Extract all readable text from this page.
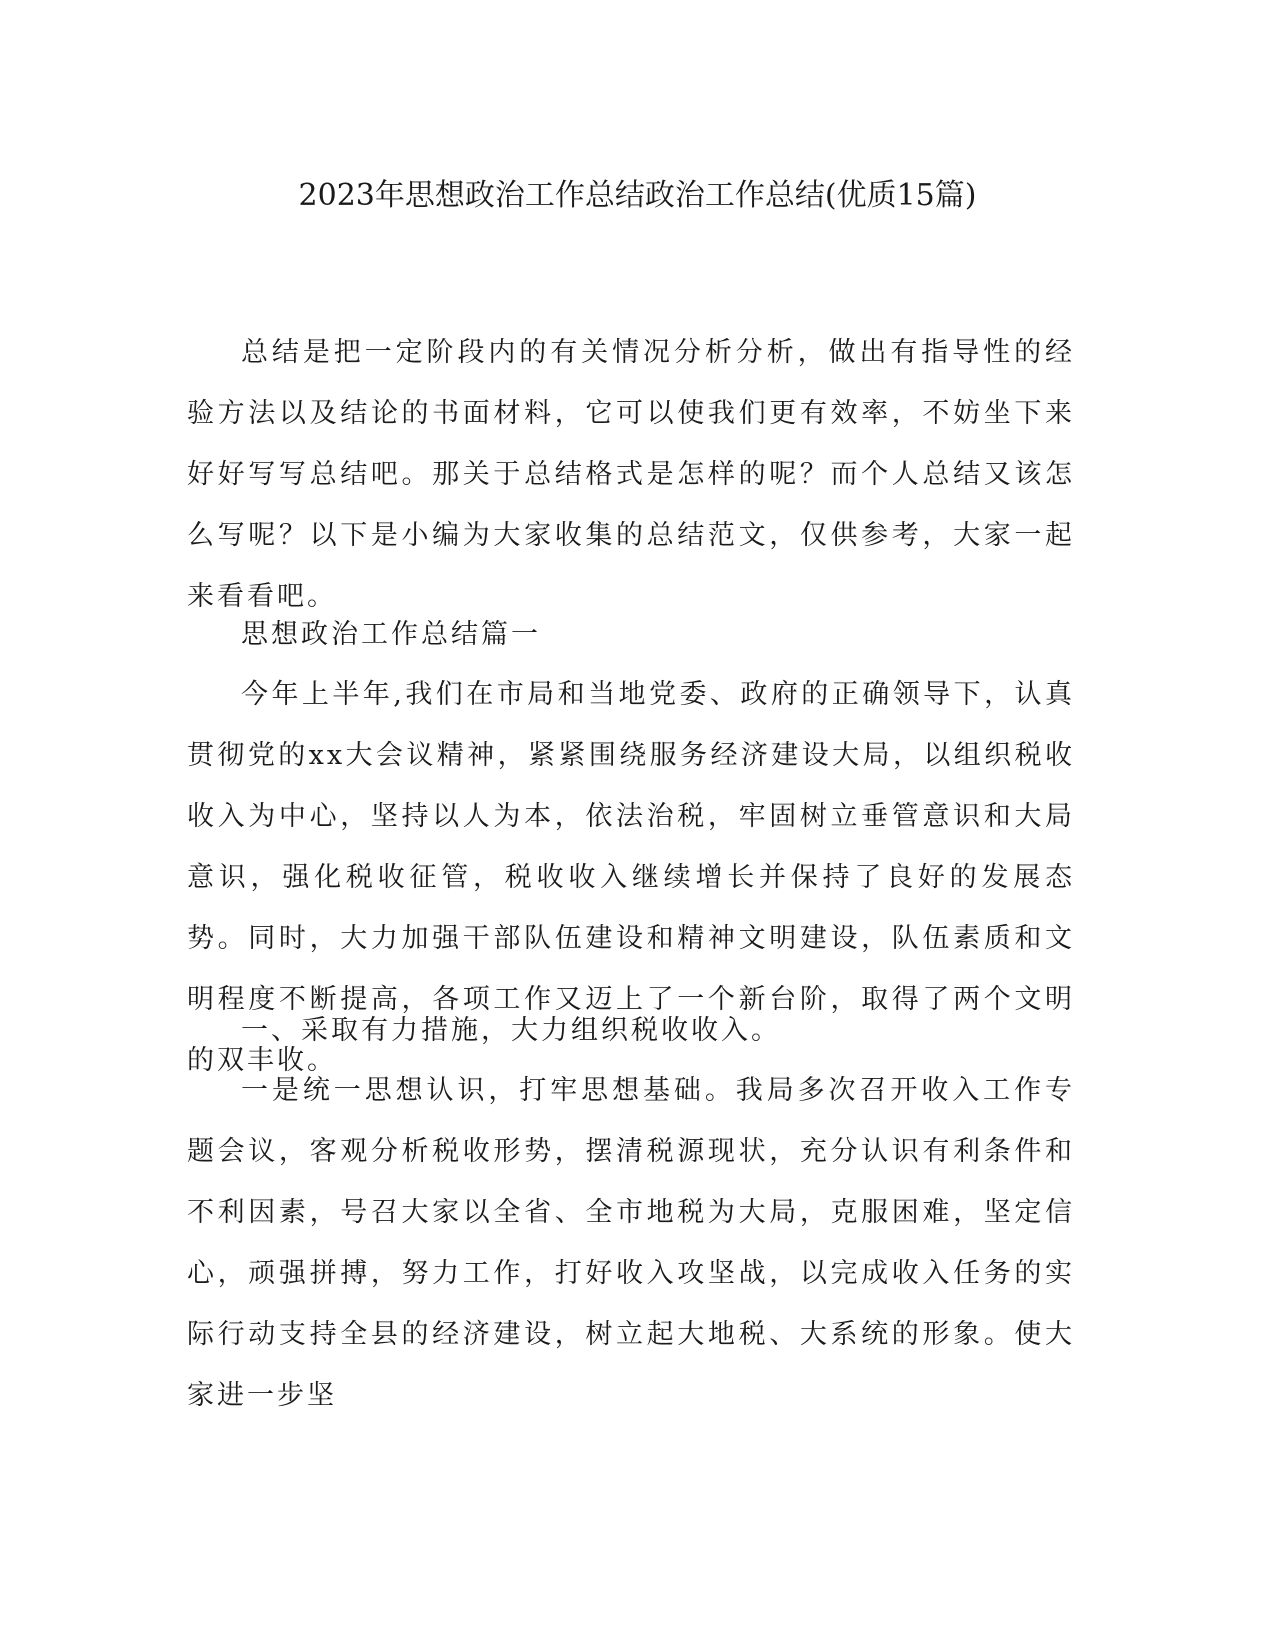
2023年思想政治工作总结政治工作总结(优质15篇)

总结是把一定阶段内的有关情况分析分析，做出有指导性的经验方法以及结论的书面材料，它可以使我们更有效率，不妨坐下来好好写写总结吧。那关于总结格式是怎样的呢？而个人总结又该怎么写呢？以下是小编为大家收集的总结范文，仅供参考，大家一起来看看吧。

思想政治工作总结篇一

今年上半年,我们在市局和当地党委、政府的正确领导下，认真贯彻党的xx大会议精神，紧紧围绕服务经济建设大局，以组织税收收入为中心，坚持以人为本，依法治税，牢固树立垂管意识和大局意识，强化税收征管，税收收入继续增长并保持了良好的发展态势。同时，大力加强干部队伍建设和精神文明建设，队伍素质和文明程度不断提高，各项工作又迈上了一个新台阶，取得了两个文明的双丰收。

一、采取有力措施，大力组织税收收入。

一是统一思想认识，打牢思想基础。我局多次召开收入工作专题会议，客观分析税收形势，摆清税源现状，充分认识有利条件和不利因素，号召大家以全省、全市地税为大局，克服困难，坚定信心，顽强拼搏，努力工作，打好收入攻坚战，以完成收入任务的实际行动支持全县的经济建设，树立起大地税、大系统的形象。使大家进一步坚
